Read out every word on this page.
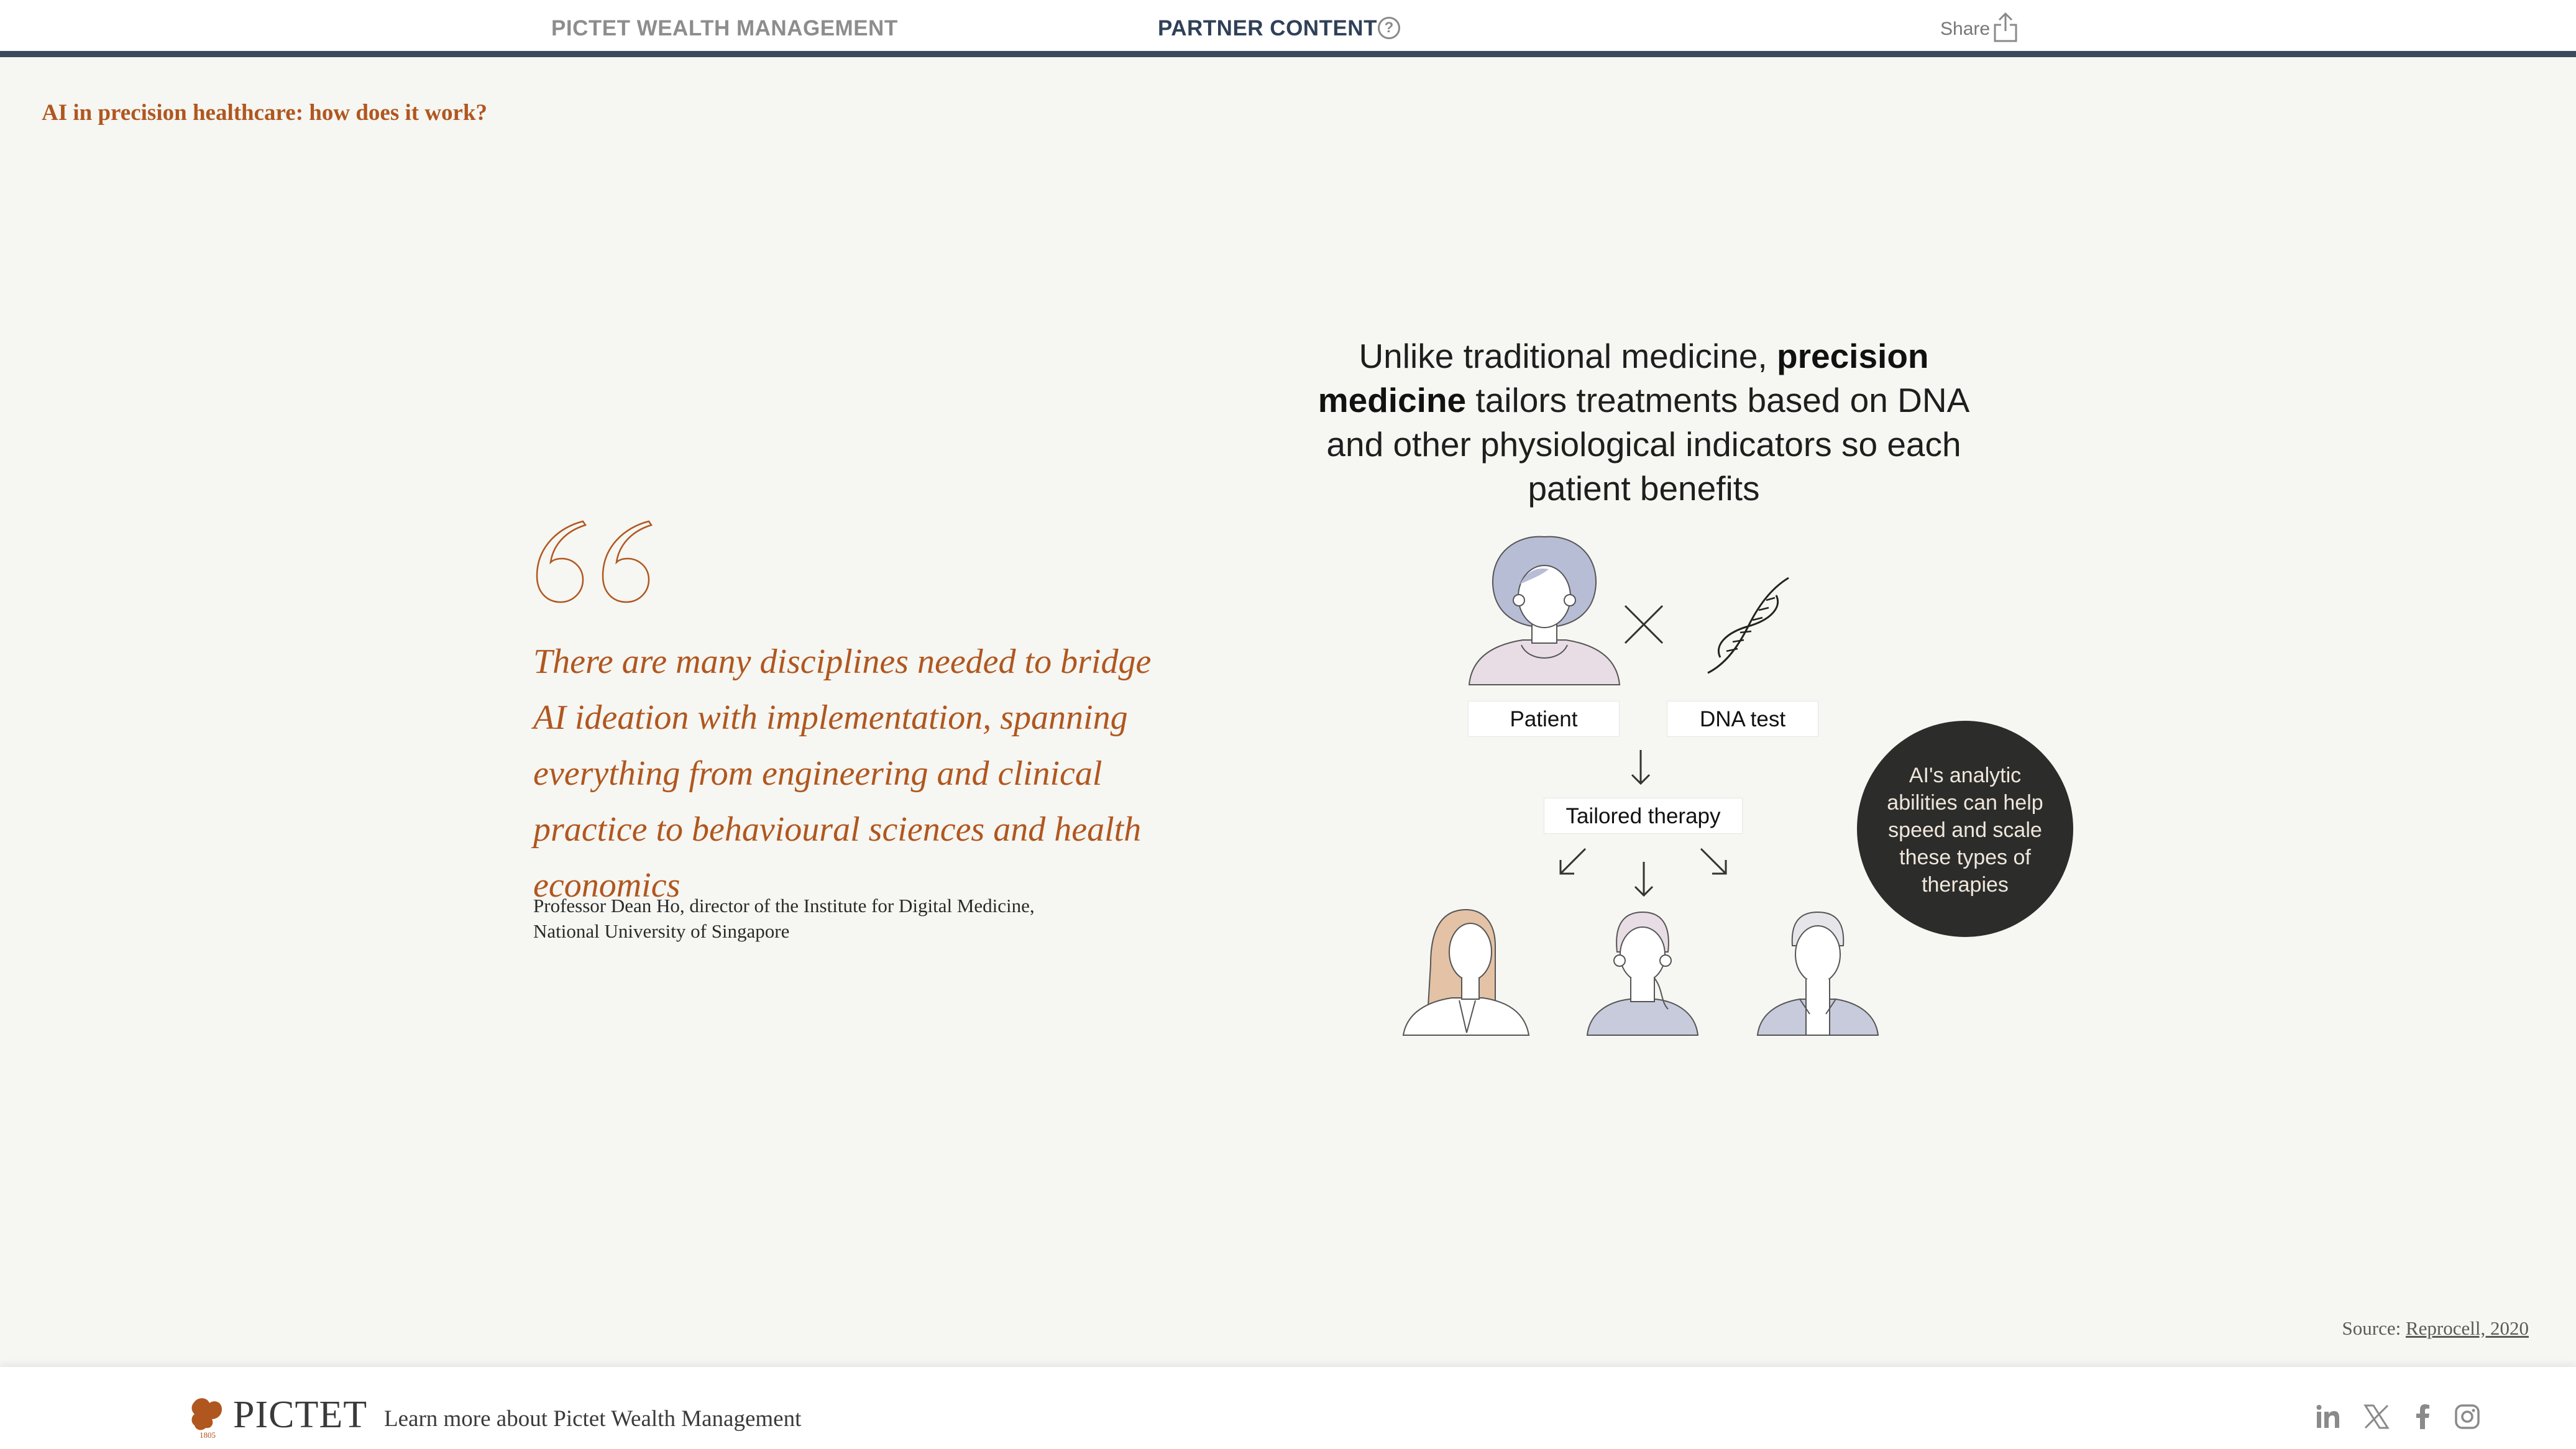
PICTET WEALTH MANAGEMENT	PARTNER CONTENT ?	Share
AI in precision healthcare: how does it work?
There are many disciplines needed to bridge AI ideation with implementation, spanning everything from engineering and clinical practice to behavioural sciences and health economics
Professor Dean Ho, director of the Institute for Digital Medicine,
National University of Singapore
Unlike traditional medicine, precision medicine tailors treatments based on DNA and other physiological indicators so each patient benefits
Patient	DNA test
Tailored therapy
AI's analytic abilities can help speed and scale these types of therapies
Source: Reprocell, 2020
1805 PICTET Learn more about Pictet Wealth Management
